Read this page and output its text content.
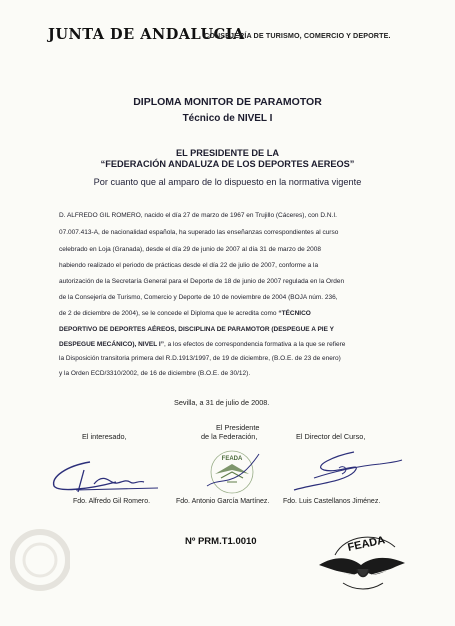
JUNTA DE ANDALUCIA
CONSEJERÍA DE TURISMO, COMERCIO Y DEPORTE.
DIPLOMA MONITOR DE PARAMOTOR
Técnico de NIVEL I
EL PRESIDENTE DE LA
“FEDERACIÓN ANDALUZA DE LOS DEPORTES AEREOS”
Por cuanto que al amparo de lo dispuesto en la normativa vigente
D. ALFREDO GIL ROMERO, nacido el día 27 de marzo de 1967 en Trujillo (Cáceres), con D.N.I.
07.007.413-A, de nacionalidad española, ha superado las enseñanzas correspondientes al curso
celebrado en Loja (Granada), desde el día 29 de junio de 2007 al día 31 de marzo de 2008
habiendo realizado el periodo de prácticas desde el día 22 de julio de 2007, conforme a la
autorización de la Secretaría General para el Deporte de 18 de junio de 2007 regulada en la Orden
de la Consejería de Turismo, Comercio y Deporte de 10 de noviembre de 2004 (BOJA núm. 236,
de 2 de diciembre de 2004), se le concede el Diploma que le acredita como “TÉCNICO
DEPORTIVO DE DEPORTES AÉREOS, DISCIPLINA DE PARAMOTOR (DESPEGUE A PIE Y
DESPEGUE MECÁNICO), NIVEL I”, a los efectos de correspondencia formativa a la que se refiere
la Disposición transitoria primera del R.D.1913/1997, de 19 de diciembre, (B.O.E. de 23 de enero)
y la Orden ECD/3310/2002, de 16 de diciembre (B.O.E. de 30/12).
Sevilla, a 31 de julio de 2008.
El interesado,
El Presidente
de la Federación,	El Director del Curso,
FEADA
Fdo. Alfredo Gil Romero.	Fdo. Antonio García Martínez. Fdo. Luis Castellanos Jiménez.
Nº PRM.T1.0010	FEADA
